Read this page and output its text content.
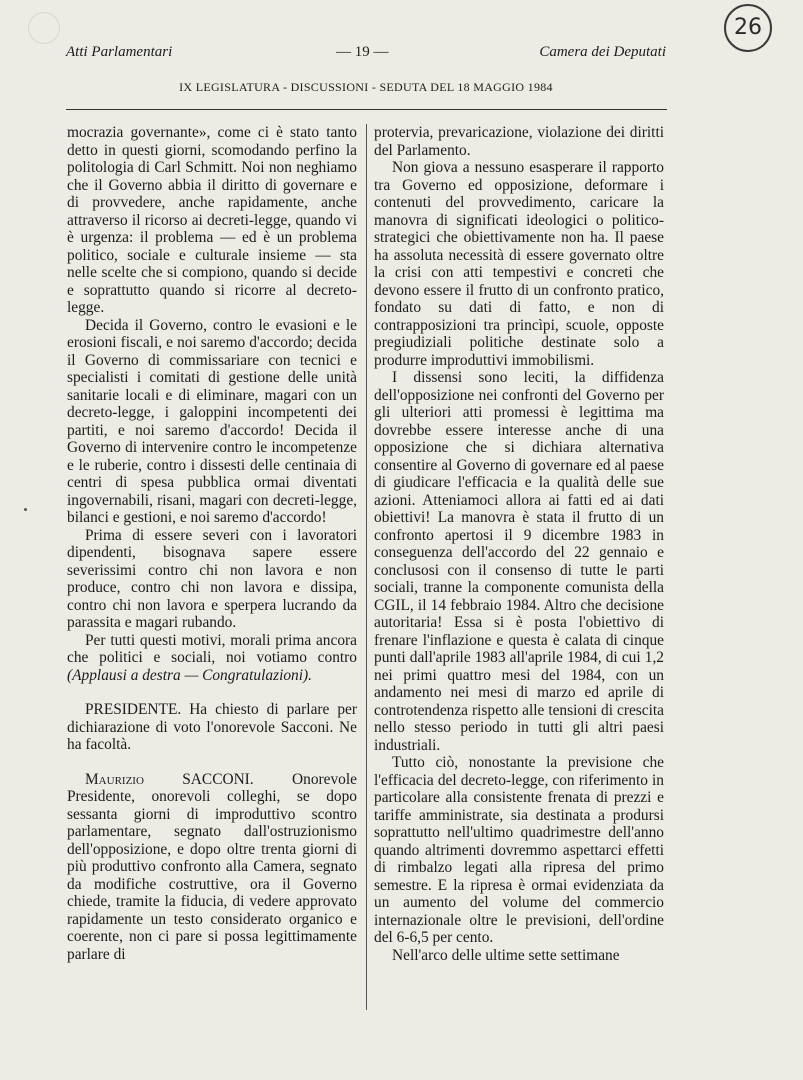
26
Atti Parlamentari	— 19 —	Camera dei Deputati
IX LEGISLATURA - DISCUSSIONI - SEDUTA DEL 18 MAGGIO 1984

mocrazia governante», come ci è stato tanto detto in questi giorni, scomodando perfino la politologia di Carl Schmitt. Noi non neghiamo che il Governo abbia il diritto di governare e di provvedere, anche rapidamente, anche attraverso il ricorso ai decreti-legge, quando vi è urgenza: il problema — ed è un problema politico, sociale e culturale insieme — sta nelle scelte che si compiono, quando si decide e soprattutto quando si ricorre al decreto-legge.

Decida il Governo, contro le evasioni e le erosioni fiscali, e noi saremo d'accordo; decida il Governo di commissariare con tecnici e specialisti i comitati di gestione delle unità sanitarie locali e di eliminare, magari con un decreto-legge, i galoppini incompetenti dei partiti, e noi saremo d'accordo! Decida il Governo di intervenire contro le incompetenze e le ruberie, contro i dissesti delle centinaia di centri di spesa pubblica ormai diventati ingovernabili, risani, magari con decreti-legge, bilanci e gestioni, e noi saremo d'accordo!

Prima di essere severi con i lavoratori dipendenti, bisognava sapere essere severissimi contro chi non lavora e non produce, contro chi non lavora e dissipa, contro chi non lavora e sperpera lucrando da parassita e magari rubando.

Per tutti questi motivi, morali prima ancora che politici e sociali, noi votiamo contro (Applausi a destra — Congratulazioni).

PRESIDENTE. Ha chiesto di parlare per dichiarazione di voto l'onorevole Sacconi. Ne ha facoltà.

Maurizio SACCONI. Onorevole Presidente, onorevoli colleghi, se dopo sessanta giorni di improduttivo scontro parlamentare, segnato dall'ostruzionismo dell'opposizione, e dopo oltre trenta giorni di più produttivo confronto alla Camera, segnato da modifiche costruttive, ora il Governo chiede, tramite la fiducia, di vedere approvato rapidamente un testo considerato organico e coerente, non ci pare si possa legittimamente parlare di

protervia, prevaricazione, violazione dei diritti del Parlamento.

Non giova a nessuno esasperare il rapporto tra Governo ed opposizione, deformare i contenuti del provvedimento, caricare la manovra di significati ideologici o politico-strategici che obiettivamente non ha. Il paese ha assoluta necessità di essere governato oltre la crisi con atti tempestivi e concreti che devono essere il frutto di un confronto pratico, fondato su dati di fatto, e non di contrapposizioni tra princìpi, scuole, opposte pregiudiziali politiche destinate solo a produrre improduttivi immobilismi.

I dissensi sono leciti, la diffidenza dell'opposizione nei confronti del Governo per gli ulteriori atti promessi è legittima ma dovrebbe essere interesse anche di una opposizione che si dichiara alternativa consentire al Governo di governare ed al paese di giudicare l'efficacia e la qualità delle sue azioni. Atteniamoci allora ai fatti ed ai dati obiettivi! La manovra è stata il frutto di un confronto apertosi il 9 dicembre 1983 in conseguenza dell'accordo del 22 gennaio e conclusosi con il consenso di tutte le parti sociali, tranne la componente comunista della CGIL, il 14 febbraio 1984. Altro che decisione autoritaria! Essa si è posta l'obiettivo di frenare l'inflazione e questa è calata di cinque punti dall'aprile 1983 all'aprile 1984, di cui 1,2 nei primi quattro mesi del 1984, con un andamento nei mesi di marzo ed aprile di controtendenza rispetto alle tensioni di crescita nello stesso periodo in tutti gli altri paesi industriali.

Tutto ciò, nonostante la previsione che l'efficacia del decreto-legge, con riferimento in particolare alla consistente frenata di prezzi e tariffe amministrate, sia destinata a prodursi soprattutto nell'ultimo quadrimestre dell'anno quando altrimenti dovremmo aspettarci effetti di rimbalzo legati alla ripresa del primo semestre. E la ripresa è ormai evidenziata da un aumento del volume del commercio internazionale oltre le previsioni, dell'ordine del 6-6,5 per cento.

Nell'arco delle ultime sette settimane
